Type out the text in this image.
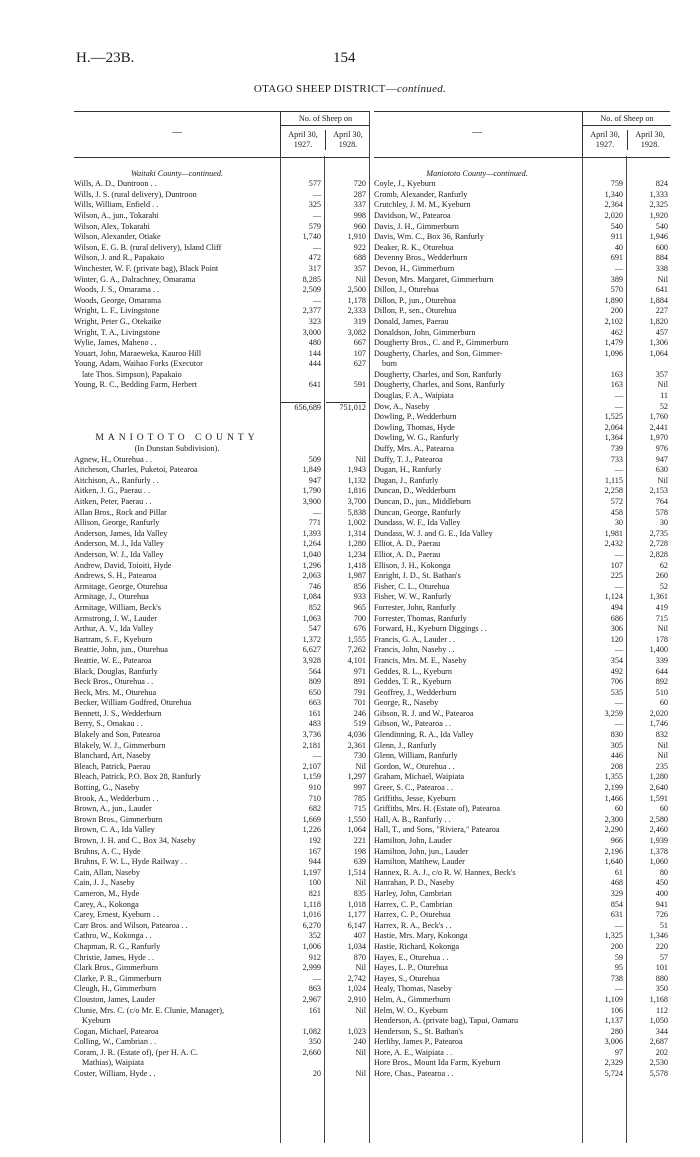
H.—23B.	154
OTAGO SHEEP DISTRICT—continued.
—
No. of Sheep on
April 30, 1927.
April 30, 1928.
Waitaki County—continued.
Wills, A. D., Duntroon . .	577	720
Wills, J. S. (rural delivery), Duntroon	—	287
Wills, William, Enfield . .	325	337
Wilson, A., jun., Tokarahi	—	998
Wilson, Alex, Tokarahi	579	960
Wilson, Alexander, Otiake	1,740	1,910
Wilson, E. G. B. (rural delivery), Island Cliff	—	922
Wilson, J. and R., Papakaio	472	688
Winchester, W. F. (private bag), Black Point	317	357
Winter, G. A., Dalrachney, Omarama	8,285	Nil
Woods, J. S., Omarama . .	2,509	2,500
Woods, George, Omarama	—	1,178
Wright, L. F., Livingstone	2,377	2,333
Wright, Peter G., Otekaike	323	319
Wright, T. A., Livingstone	3,000	3,082
Wylie, James, Maheno . .	480	667
Youart, John, Maraeweka, Kauroo Hill	144	107
Young, Adam, Waihao Forks (Executor	444	627
late Thos. Simpson), Papakaio
Young, R. C., Bedding Farm, Herbert	641	591
656,689	751,012
MANIOTOTO COUNTY
(In Dunstan Subdivision).
Agnew, H., Oturehua . .	509	Nil
Aitcheson, Charles, Puketoi, Patearoa	1,849	1,943
Aitchison, A., Ranfurly . .	947	1,132
Aitken, J. G., Paerau . .	1,790	1,816
Aitken, Peter, Paerau . .	3,900	3,700
Allan Bros., Rock and Pillar	—	5,838
Allison, George, Ranfurly	771	1,002
Anderson, James, Ida Valley	1,393	1,314
Anderson, M. J., Ida Valley	1,264	1,280
Anderson, W. J., Ida Valley	1,040	1,234
Andrew, David, Toioiti, Hyde	1,296	1,418
Andrews, S. H., Patearoa	2,063	1,987
Armitage, George, Oturehua	746	856
Armitage, J., Oturehua	1,084	933
Armitage, William, Beck's	852	965
Armstrong, J. W., Lauder	1,063	700
Arthur, A. V., Ida Valley	547	676
Bartram, S. F., Kyeburn	1,372	1,555
Beattie, John, jun., Oturehua	6,627	7,262
Beattie, W. E., Patearoa	3,928	4,101
Black, Douglas, Ranfurly	564	971
Beck Bros., Oturehua . .	809	891
Beck, Mrs. M., Oturehua	650	791
Becker, William Godfred, Oturehua	663	701
Bennett, J. S., Wedderburn	161	246
Berry, S., Omakau . .	483	519
Blakely and Son, Patearoa	3,736	4,036
Blakely, W. J., Gimmerburn	2,181	2,361
Blanchard, Art, Naseby	—	730
Bleach, Patrick, Paerau	2,107	Nil
Bleach, Patrick, P.O. Box 28, Ranfurly	1,159	1,297
Botting, G., Naseby	910	997
Brook, A., Wedderburn . .	710	785
Brown, A., jun., Lauder	682	715
Brown Bros., Gimmerburn	1,669	1,550
Brown, C. A., Ida Valley	1,226	1,064
Brown, J. H. and C., Box 34, Naseby	192	221
Bruhns, A. C., Hyde	167	198
Bruhns, F. W. L., Hyde Railway . .	944	639
Cain, Allan, Naseby	1,197	1,514
Cain, J. J., Naseby	100	Nil
Cameron, M., Hyde	821	835
Carey, A., Kokonga	1,118	1,018
Carey, Ernest, Kyeburn . .	1,016	1,177
Carr Bros. and Wilson, Patearoa . .	6,270	6,147
Cathro, W., Kokonga . .	352	407
Chapman, R. G., Ranfurly	1,006	1,034
Christie, James, Hyde . .	912	870
Clark Bros., Gimmerburn	2,999	Nil
Clarke, P. R., Gimmerburn	—	2,742
Cleugh, H., Gimmerburn	863	1,024
Clouston, James, Lauder	2,967	2,910
Clunie, Mrs. C. (c/o Mr. E. Clunie, Manager),	161	Nil
Kyeburn
Cogan, Michael, Patearoa	1,082	1,023
Colling, W., Cambrian . .	350	240
Coram, J. R. (Estate of), (per H. A. C.	2,660	Nil
Mathias), Waipiata
Coster, William, Hyde . .	20	Nil
—
No. of Sheep on
April 30, 1927.
April 30, 1928.
Maniototo County—continued.
Coyle, J., Kyeburn	759	824
Cromb, Alexander, Ranfurly	1,340	1,333
Crutchley, J. M. M., Kyeburn	2,364	2,325
Davidson, W., Patearoa	2,020	1,920
Davis, J. H., Gimmerburn	540	540
Davis, Wm. C., Box 36, Ranfurly	911	1,946
Deaker, R. K., Oturehua	40	600
Devenny Bros., Wedderburn	691	884
Devon, H., Gimmerburn	—	338
Devon, Mrs. Margaret, Gimmerburn	389	Nil
Dillon, J., Oturehua	570	641
Dillon, P., jun., Oturehua	1,890	1,884
Dillon, P., sen., Oturehua	200	227
Donald, James, Paerau	2,102	1,820
Donaldson, John, Gimmerburn	462	457
Dougherty Bros., C. and P., Gimmerburn	1,479	1,306
Dougherty, Charles, and Son, Gimmer-	1,096	1,064
burn
Dougherty, Charles, and Son, Ranfurly	163	357
Dougherty, Charles, and Sons, Ranfurly	163	Nil
Douglas, F. A., Waipiata	—	11
Dow, A., Naseby	—	52
Dowling, P., Wedderburn	1,525	1,760
Dowling, Thomas, Hyde	2,064	2,441
Dowling, W. G., Ranfurly	1,364	1,970
Duffy, Mrs. A., Patearoa	739	976
Duffy, T. J., Patearoa	733	947
Dugan, H., Ranfurly	—	630
Dugan, J., Ranfurly	1,115	Nil
Duncan, D., Wedderburn	2,258	2,153
Duncan, D., jun., Middleburn	572	764
Duncan, George, Ranfurly	458	578
Dundass, W. F., Ida Valley	30	30
Dundass, W. J. and G. E., Ida Valley	1,981	2,735
Elliot, A. D., Paerau	2,432	2,728
Elliot, A. D., Paerau	—	2,828
Ellison, J. H., Kokonga	107	62
Enright, J. D., St. Bathan's	225	260
Fisher, C. L., Oturehua	—	52
Fisher, W. W., Ranfurly	1,124	1,361
Forrester, John, Ranfurly	494	419
Forrester, Thomas, Ranfurly	686	715
Forward, H., Kyeburn Diggings . .	306	Nil
Francis, G. A., Lauder . .	120	178
Francis, John, Naseby . .	—	1,400
Francis, Mrs. M. E., Naseby	354	339
Geddes, R. L., Kyeburn	492	644
Geddes, T. R., Kyeburn	706	892
Geoffrey, J., Wedderburn	535	510
George, R., Naseby	—	60
Gibson, R. J. and W., Patearoa	3,259	2,020
Gibson, W., Patearoa . .	—	1,746
Glendinning, R. A., Ida Valley	830	832
Glenn, J., Ranfurly	305	Nil
Glenn, William, Ranfurly	446	Nil
Gordon, W., Oturehua . .	208	235
Graham, Michael, Waipiata	1,355	1,280
Greer, S. C., Patearoa . .	2,199	2,640
Griffiths, Jesse, Kyeburn	1,466	1,591
Griffiths, Mrs. H. (Estate of), Patearoa	60	60
Hall, A. B., Ranfurly . .	2,300	2,580
Hall, T., and Sons, "Riviera," Patearoa	2,290	2,460
Hamilton, John, Lauder	966	1,939
Hamilton, John, jun., Lauder	2,196	1,378
Hamilton, Matthew, Lauder	1,640	1,060
Hannex, R. A. J., c/o R. W. Hannex, Beck's	61	80
Hanrahan, P. D., Naseby	468	450
Harley, John, Cambrian	329	400
Harrex, C. P., Cambrian	854	941
Harrex, C. P., Oturehua	631	726
Harrex, R. A., Beck's . .	—	51
Hastie, Mrs. Mary, Kokonga	1,325	1,346
Hastie, Richard, Kokonga	200	220
Hayes, E., Oturehua . .	59	57
Hayes, L. P., Oturehua	95	101
Hayes, S., Oturehua	738	880
Healy, Thomas, Naseby	—	350
Helm, A., Gimmerburn	1,109	1,168
Helm, W. O., Kyeburn	106	112
Henderson, A. (private bag), Tapui, Oamaru	1,137	1,050
Henderson, S., St. Bathan's	280	344
Herlihy, James P., Patearoa	3,006	2,687
Hore, A. E., Waipiata . .	97	202
Hore Bros., Mount Ida Farm, Kyeburn	2,329	2,530
Hore, Chas., Patearoa . .	5,724	5,578
